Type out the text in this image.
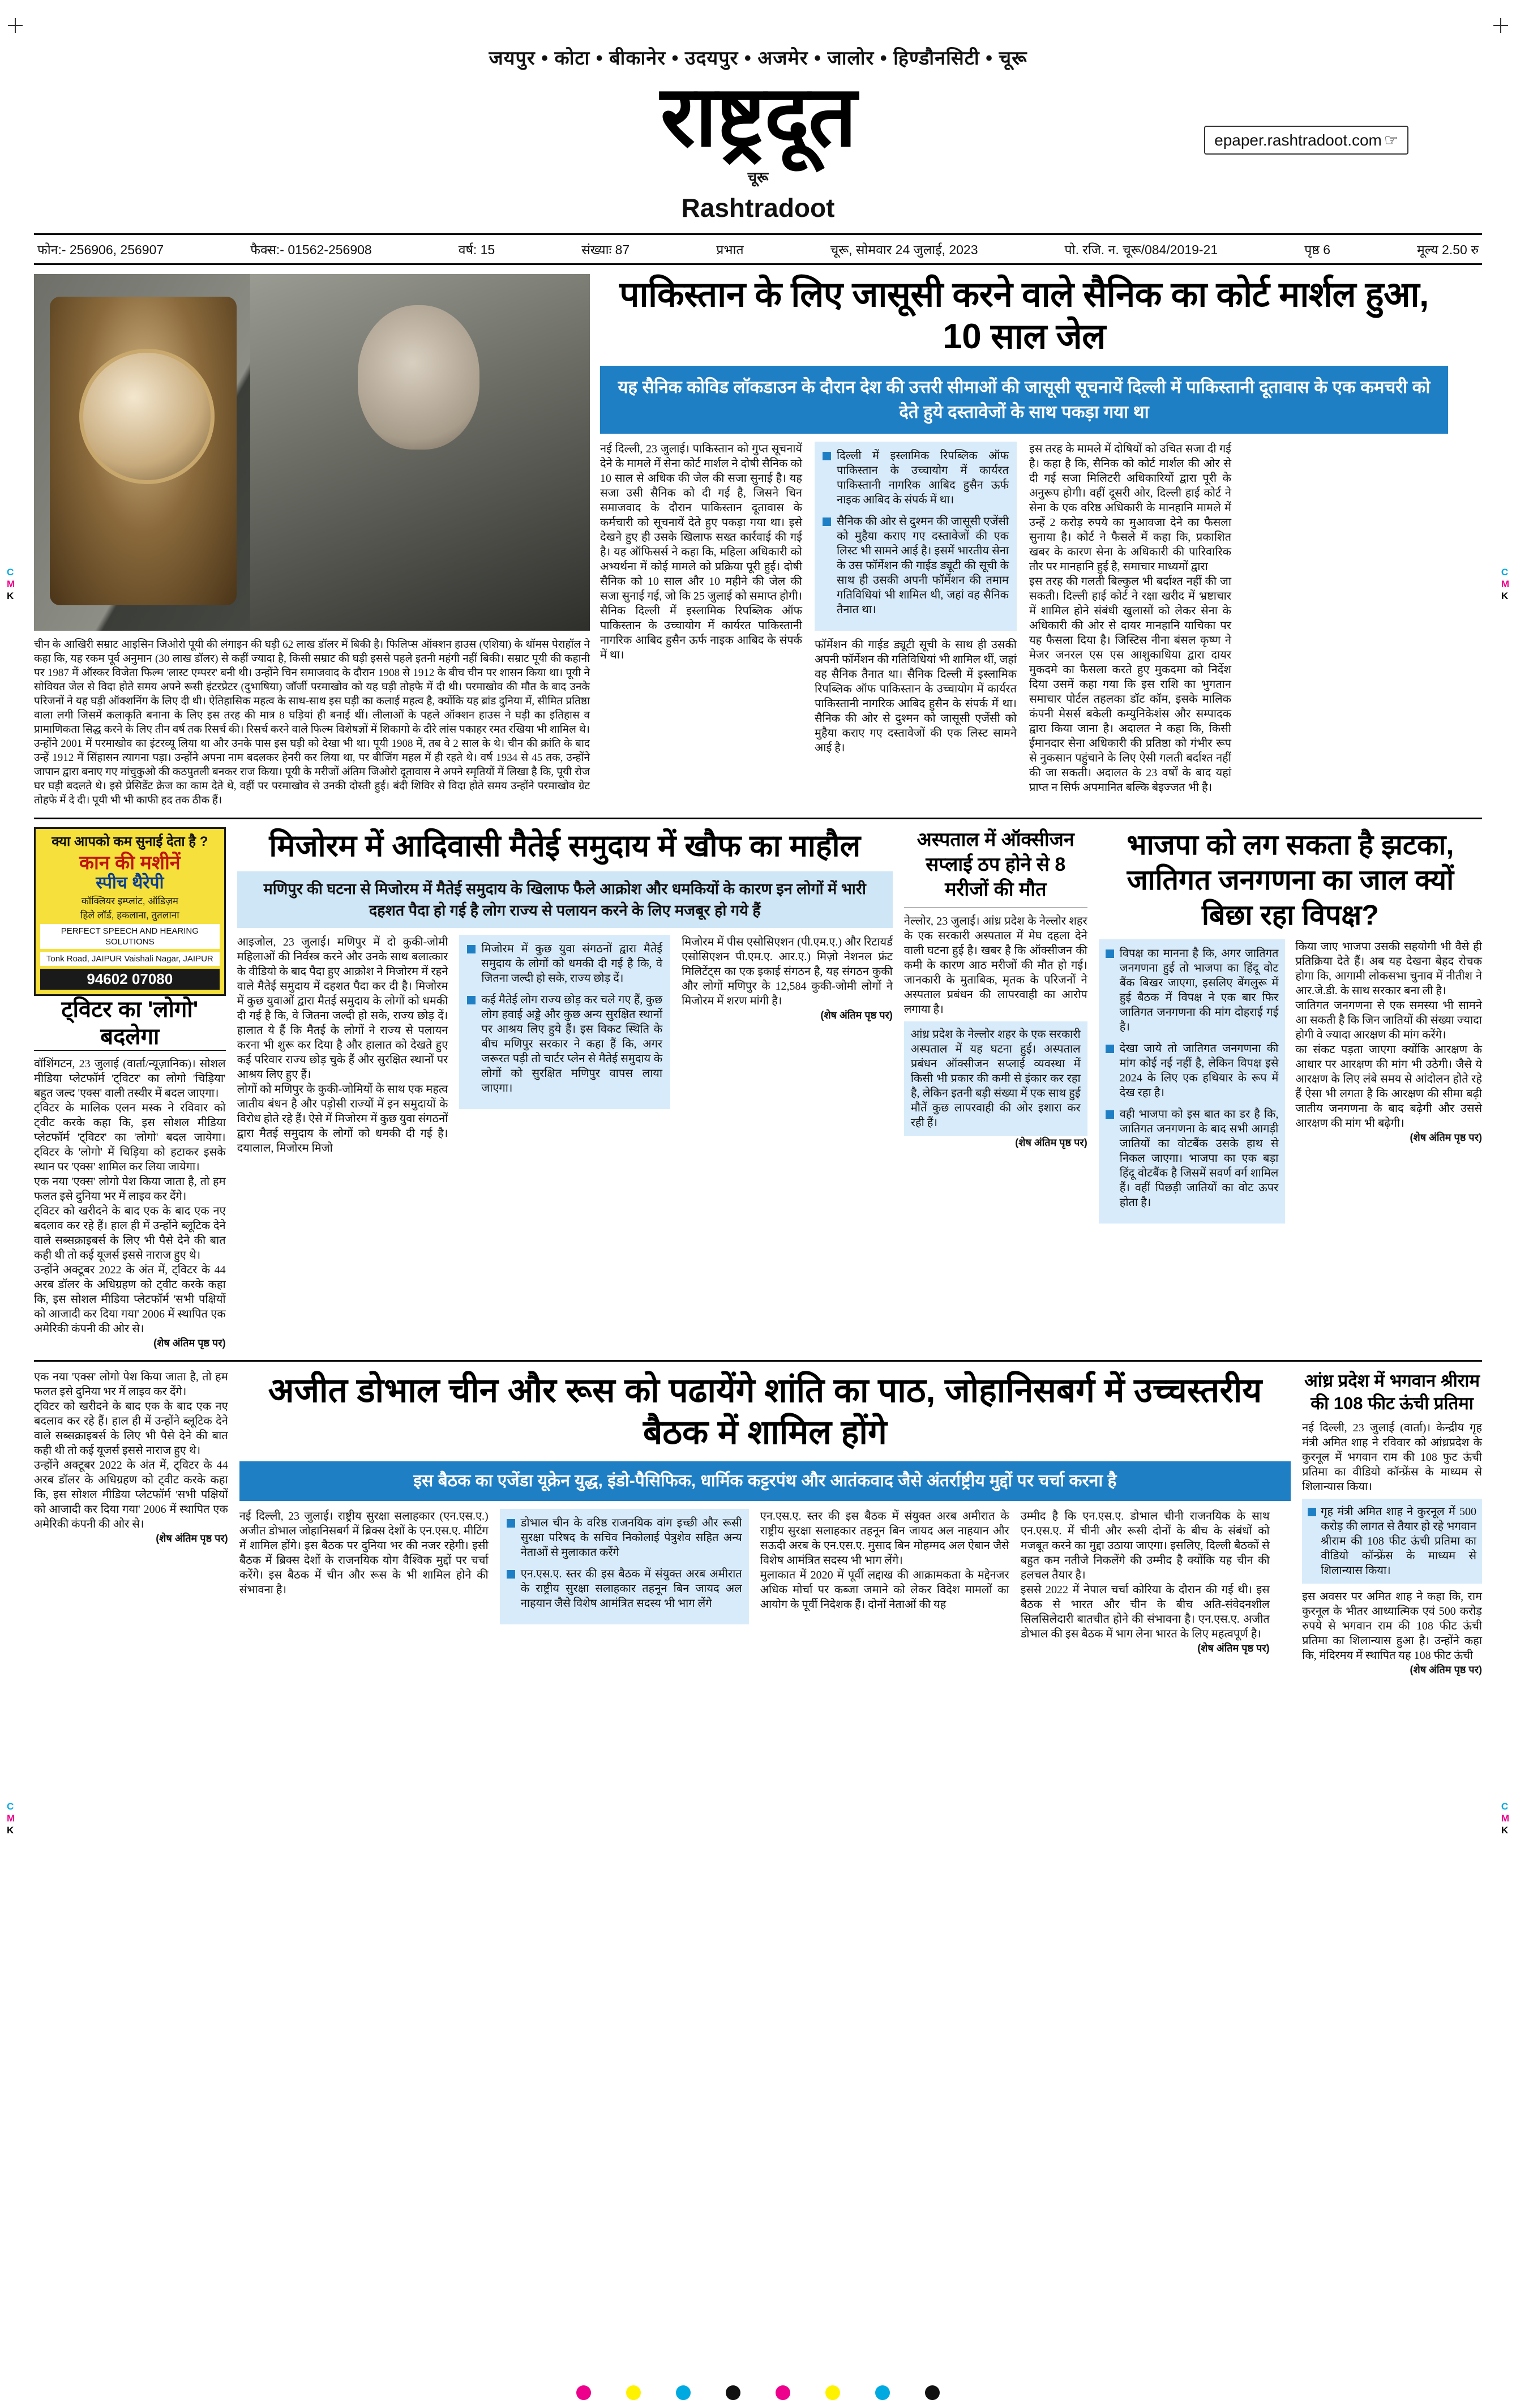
C
M
K
C
M
K
C
M
K
C
M
K
जयपुर • कोटा • बीकानेर • उदयपुर • अजमेर • जालोर • हिण्डौनसिटी • चूरू
राष्ट्रदूत	epaper.rashtradoot.com ☞
चूरू
Rashtradoot
फोन:- 256906, 256907	फैक्स:- 01562-256908	वर्ष: 15	संख्याः 87	प्रभात	चूरू, सोमवार 24 जुलाई, 2023	पो. रजि. न. चूरू/084/2019-21	पृष्ठ 6	मूल्य 2.50 रु
चीन के आखिरी सम्राट आइसिन जिओरो पूयी की लंगाइन की घड़ी 62 लाख डॉलर में बिकी है। फिलिप्स ऑक्शन हाउस (एशिया) के थॉमस पेराहॉल ने कहा कि, यह रकम पूर्व अनुमान (30 लाख डॉलर) से कहीं ज्यादा है, किसी सम्राट की घड़ी इससे पहले इतनी महंगी नहीं बिकी। सम्राट पूयी की कहानी पर 1987 में ऑस्कर विजेता फिल्म 'लास्ट एम्परर' बनी थी। उन्होंने चिन समाजवाद के दौरान 1908 से 1912 के बीच चीन पर शासन किया था। पूयी ने सोवियत जेल से विदा होते समय अपने रूसी इंटरप्रेटर (दुभाषिया) जॉर्जी परमाखोव को यह घड़ी तोहफे में दी थी। परमाखोव की मौत के बाद उनके परिजनों ने यह घड़ी ऑक्शनिंग के लिए दी थी। ऐतिहासिक महत्व के साथ-साथ इस घड़ी का कलाई महत्व है, क्योंकि यह ब्रांड दुनिया में, सीमित प्रतिष्ठा वाला लगी जिसमें कलाकृति बनाना के लिए इस तरह की मात्र 8 घड़ियां ही बनाई थीं। लीलाओं के पहले ऑक्शन हाउस ने घड़ी का इतिहास व प्रामाणिकता सिद्ध करने के लिए तीन वर्ष तक रिसर्च की। रिसर्च करने वाले फिल्म विशेषज्ञों में शिकागो के दौरे लांस पकाहर रमत रखिया भी शामिल थे। उन्होंने 2001 में परमाखोव का इंटरव्यू लिया था और उनके पास इस घड़ी को देखा भी था। पूयी 1908 में, तब वे 2 साल के थे। चीन की क्रांति के बाद उन्हें 1912 में सिंहासन त्यागना पड़ा। उन्होंने अपना नाम बदलकर हेनरी कर लिया था, पर बीजिंग महल में ही रहते थे। वर्ष 1934 से 45 तक, उन्होंने जापान द्वारा बनाए गए मांचुकुओ की कठपुतली बनकर राज किया। पूयी के मरीजों अंतिम जिओरो दूतावास ने अपने स्मृतियों में लिखा है कि, पूयी रोज घर घड़ी बदलते थे। इसे प्रेसिडेंट क्रेज का काम देते थे, वहीं पर परमाखोव से उनकी दोस्ती हुई। बंदी शिविर से विदा होते समय उन्होंने परमाखोव ग्रेट तोहफे में दे दी। पूयी भी भी काफी हद तक ठीक हैं।
पाकिस्तान के लिए जासूसी करने वाले सैनिक का कोर्ट मार्शल हुआ, 10 साल जेल
यह सैनिक कोविड लॉकडाउन के दौरान देश की उत्तरी सीमाओं की जासूसी सूचनायें दिल्ली में पाकिस्तानी दूतावास के एक कमचरी को देते हुये दस्तावेजों के साथ पकड़ा गया था
नई दिल्ली, 23 जुलाई। पाकिस्तान को गुप्त सूचनायें देने के मामले में सेना कोर्ट मार्शल ने दोषी सैनिक को 10 साल से अधिक की जेल की सजा सुनाई है। यह सजा उसी सैनिक को दी गई है, जिसने चिन समाजवाद के दौरान पाकिस्तान दूतावास के कर्मचारी को सूचनायें देते हुए पकड़ा गया था। इसे देखने हुए ही उसके खिलाफ सख्त कार्रवाई की गई है। यह ऑफिसर्स ने कहा कि, महिला अधिकारी को अभ्यर्थना में कोई मामले को प्रक्रिया पूरी हुई। दोषी सैनिक को 10 साल और 10 महीने की जेल की सजा सुनाई गई, जो कि 25 जुलाई को समाप्त होगी। सैनिक दिल्ली में इस्लामिक रिपब्लिक ऑफ पाकिस्तान के उच्चायोग में कार्यरत पाकिस्तानी नागरिक आबिद हुसैन ऊर्फ नाइक आबिद के संपर्क में था।

दिल्ली में इस्लामिक रिपब्लिक ऑफ पाकिस्तान के उच्चायोग में कार्यरत पाकिस्तानी नागरिक आबिद हुसैन ऊर्फ नाइक आबिद के संपर्क में था।

सैनिक की ओर से दुश्मन की जासूसी एजेंसी को मुहैया कराए गए दस्तावेजों की एक लिस्ट भी सामने आई है। इसमें भारतीय सेना के उस फॉर्मेशन की गाईड ड्यूटी की सूची के साथ ही उसकी अपनी फॉर्मेशन की तमाम गतिविधियां भी शामिल थी, जहां वह सैनिक तैनात था।

फॉर्मेशन की गाईड ड्यूटी सूची के साथ ही उसकी अपनी फॉर्मेशन की गतिविधियां भी शामिल थीं, जहां वह सैनिक तैनात था। सैनिक दिल्ली में इस्लामिक रिपब्लिक ऑफ पाकिस्तान के उच्चायोग में कार्यरत पाकिस्तानी नागरिक आबिद हुसैन के संपर्क में था। सैनिक की ओर से दुश्मन को जासूसी एजेंसी को मुहैया कराए गए दस्तावेजों की एक लिस्ट सामने आई है।
इस तरह के मामले में दोषियों को उचित सजा दी गई है। कहा है कि, सैनिक को कोर्ट मार्शल की ओर से दी गई सजा मिलिटरी अधिकारियों द्वारा पूरी के अनुरूप होगी। वहीं दूसरी ओर, दिल्ली हाई कोर्ट ने सेना के एक वरिष्ठ अधिकारी के मानहानि मामले में उन्हें 2 करोड़ रुपये का मुआवजा देने का फैसला सुनाया है। कोर्ट ने फैसले में कहा कि, प्रकाशित खबर के कारण सेना के अधिकारी की पारिवारिक तौर पर मानहानि हुई है, समाचार माध्यमों द्वारा
इस तरह की गलती बिल्कुल भी बर्दाश्त नहीं की जा सकती। दिल्ली हाई कोर्ट ने रक्षा खरीद में भ्रष्टाचार में शामिल होने संबंधी खुलासों को लेकर सेना के अधिकारी की ओर से दायर मानहानि याचिका पर यह फैसला दिया है। जिस्टिस नीना बंसल कृष्ण ने मेजर जनरल एस एस आशुकाधिया द्वारा दायर मुकदमे का फैसला करते हुए मुकदमा को निर्देश दिया उसमें कहा गया कि इस राशि का भुगतान समाचार पोर्टल तहलका डॉट कॉम, इसके मालिक कंपनी मेसर्स बकेली कम्युनिकेशंस और सम्पादक द्वारा किया जाना है। अदालत ने कहा कि, किसी ईमानदार सेना अधिकारी की प्रतिष्ठा को गंभीर रूप से नुकसान पहुंचाने के लिए ऐसी गलती बर्दाश्त नहीं की जा सकती। अदालत के 23 वर्षों के बाद यहां प्राप्त न सिर्फ अपमानित बल्कि बेइज्जत भी है।
क्या आपको कम सुनाई देता है ?
कान की मशीनें
स्पीच थैरेपी
कॉक्लियर इम्प्लांट, ऑडिज़म
हिले लॉर्ड, हकलाना, तुतलाना
PERFECT SPEECH AND HEARING SOLUTIONS
Tonk Road, JAIPUR Vaishali Nagar, JAIPUR
94602 07080
ट्विटर का 'लोगो' बदलेगा
वॉशिंगटन, 23 जुलाई (वार्ता/न्यूज़ानिक)। सोशल मीडिया प्लेटफॉर्म 'ट्विटर' का लोगो 'चिड़िया' बहुत जल्द 'एक्स' वाली तस्वीर में बदल जाएगा।
ट्विटर के मालिक एलन मस्क ने रविवार को ट्वीट करके कहा कि, इस सोशल मीडिया प्लेटफॉर्म 'ट्विटर' का 'लोगो' बदल जायेगा। ट्विटर के 'लोगो' में चिड़िया को हटाकर इसके स्थान पर 'एक्स' शामिल कर लिया जायेगा।
एक नया 'एक्स' लोगो पेश किया जाता है, तो हम फलत इसे दुनिया भर में लाइव कर देंगे।
ट्विटर को खरीदने के बाद एक के बाद एक नए बदलाव कर रहे हैं। हाल ही में उन्होंने ब्लूटिक देने वाले सब्सक्राइबर्स के लिए भी पैसे देने की बात कही थी तो कई यूजर्स इससे नाराज हुए थे।
उन्होंने अक्टूबर 2022 के अंत में, ट्विटर के 44 अरब डॉलर के अधिग्रहण को ट्वीट करके कहा कि, इस सोशल मीडिया प्लेटफॉर्म 'सभी पक्षियों को आजादी कर दिया गया' 2006 में स्थापित एक अमेरिकी कंपनी की ओर से।
(शेष अंतिम पृष्ठ पर)
मिजोरम में आदिवासी मैतेई समुदाय में खौफ का माहौल
मणिपुर की घटना से मिजोरम में मैतेई समुदाय के खिलाफ फैले आक्रोश और धमकियों के कारण इन लोगों में भारी दहशत पैदा हो गई है लोग राज्य से पलायन करने के लिए मजबूर हो गये हैं
आइजोल, 23 जुलाई। मणिपुर में दो कुकी-जोमी महिलाओं की निर्वस्त्र करने और उनके साथ बलात्कार के वीडियो के बाद पैदा हुए आक्रोश ने मिजोरम में रहने वाले मैतेई समुदाय में दहशत पैदा कर दी है। मिजोरम में कुछ युवाओं द्वारा मैतई समुदाय के लोगों को धमकी दी गई है कि, वे जितना जल्दी हो सके, राज्य छोड़ दें। हालात ये हैं कि मैतई के लोगों ने राज्य से पलायन करना भी शुरू कर दिया है और हालात को देखते हुए कई परिवार राज्य छोड़ चुके हैं और सुरक्षित स्थानों पर आश्रय लिए हुए हैं।
लोगों को मणिपुर के कुकी-जोमियों के साथ एक महत्व जातीय बंधन है और पड़ोसी राज्यों में इन समुदायों के विरोध होते रहे हैं। ऐसे में मिजोरम में कुछ युवा संगठनों द्वारा मैतई समुदाय के लोगों को धमकी दी गई है। दयालाल, मिजोरम मिजो

मिजोरम में कुछ युवा संगठनों द्वारा मैतेई समुदाय के लोगों को धमकी दी गई है कि, वे जितना जल्दी हो सके, राज्य छोड़ दें।

कई मैतेई लोग राज्य छोड़ कर चले गए हैं, कुछ लोग हवाई अड्डे और कुछ अन्य सुरक्षित स्थानों पर आश्रय लिए हुये हैं। इस विकट स्थिति के बीच मणिपुर सरकार ने कहा हैं कि, अगर जरूरत पड़ी तो चार्टर प्लेन से मैतेई समुदाय के लोगों को सुरक्षित मणिपुर वापस लाया जाएगा।

मिजोरम में पीस एसोसिएशन (पी.एम.ए.) और रिटायर्ड एसोसिएशन पी.एम.ए. आर.ए.) मिज़ो नेशनल फ्रंट मिलिटेंट्स का एक इकाई संगठन है, यह संगठन कुकी और लोगों मणिपुर के 12,584 कुकी-जोमी लोगों ने मिजोरम में शरण मांगी है।
(शेष अंतिम पृष्ठ पर)
अस्पताल में ऑक्सीजन सप्लाई ठप होने से 8 मरीजों की मौत
नेल्लोर, 23 जुलाई। आंध्र प्रदेश के नेल्लोर शहर के एक सरकारी अस्पताल में मेघ दहला देने वाली घटना हुई है। खबर है कि ऑक्सीजन की कमी के कारण आठ मरीजों की मौत हो गई। जानकारी के मुताबिक, मृतक के परिजनों ने अस्पताल प्रबंधन की लापरवाही का आरोप लगाया है।
आंध्र प्रदेश के नेल्लोर शहर के एक सरकारी अस्पताल में यह घटना हुई। अस्पताल प्रबंधन ऑक्सीजन सप्लाई व्यवस्था में किसी भी प्रकार की कमी से इंकार कर रहा है, लेकिन इतनी बड़ी संख्या में एक साथ हुई मौतें कुछ लापरवाही की ओर इशारा कर रही हैं।
(शेष अंतिम पृष्ठ पर)
भाजपा को लग सकता है झटका, जातिगत जनगणना का जाल क्यों बिछा रहा विपक्ष?

विपक्ष का मानना है कि, अगर जातिगत जनगणना हुई तो भाजपा का हिंदू वोट बैंक बिखर जाएगा, इसलिए बेंगलुरू में हुई बैठक में विपक्ष ने एक बार फिर जातिगत जनगणना की मांग दोहराई गई है।

देखा जाये तो जातिगत जनगणना की मांग कोई नई नहीं है, लेकिन विपक्ष इसे 2024 के लिए एक हथियार के रूप में देख रहा है।

वही भाजपा को इस बात का डर है कि, जातिगत जनगणना के बाद सभी आगड़ी जातियों का वोटबैंक उसके हाथ से निकल जाएगा। भाजपा का एक बड़ा हिंदू वोटबैंक है जिसमें सवर्ण वर्ग शामिल हैं। वहीं पिछड़ी जातियों का वोट ऊपर होता है।

किया जाए भाजपा उसकी सहयोगी भी वैसे ही प्रतिक्रिया देते हैं। अब यह देखना बेहद रोचक होगा कि, आगामी लोकसभा चुनाव में नीतीश ने आर.जे.डी. के साथ सरकार बना ली है।
जातिगत जनगणना से एक समस्या भी सामने आ सकती है कि जिन जातियों की संख्या ज्यादा होगी वे ज्यादा आरक्षण की मांग करेंगे।
का संकट पड़ता जाएगा क्योंकि आरक्षण के आधार पर आरक्षण की मांग भी उठेगी। जैसे ये आरक्षण के लिए लंबे समय से आंदोलन होते रहे हैं ऐसा भी लगता है कि आरक्षण की सीमा बढ़ी जातीय जनगणना के बाद बढ़ेगी और उससे आरक्षण की मांग भी बढ़ेगी।
(शेष अंतिम पृष्ठ पर)
एक नया 'एक्स' लोगो पेश किया जाता है, तो हम फलत इसे दुनिया भर में लाइव कर देंगे।
ट्विटर को खरीदने के बाद एक के बाद एक नए बदलाव कर रहे हैं। हाल ही में उन्होंने ब्लूटिक देने वाले सब्सक्राइबर्स के लिए भी पैसे देने की बात कही थी तो कई यूजर्स इससे नाराज हुए थे।
उन्होंने अक्टूबर 2022 के अंत में, ट्विटर के 44 अरब डॉलर के अधिग्रहण को ट्वीट करके कहा कि, इस सोशल मीडिया प्लेटफॉर्म 'सभी पक्षियों को आजादी कर दिया गया' 2006 में स्थापित एक अमेरिकी कंपनी की ओर से।
(शेष अंतिम पृष्ठ पर)
अजीत डोभाल चीन और रूस को पढायेंगे शांति का पाठ, जोहानिसबर्ग में उच्चस्तरीय बैठक में शामिल होंगे
इस बैठक का एजेंडा यूक्रेन युद्ध, इंडो-पैसिफिक, धार्मिक कट्टरपंथ और आतंकवाद जैसे अंतर्राष्ट्रीय मुद्दों पर चर्चा करना है
नई दिल्ली, 23 जुलाई। राष्ट्रीय सुरक्षा सलाहकार (एन.एस.ए.) अजीत डोभाल जोहानिसबर्ग में ब्रिक्स देशों के एन.एस.ए. मीटिंग में शामिल होंगे। इस बैठक पर दुनिया भर की नजर रहेगी। इसी बैठक में ब्रिक्स देशों के राजनयिक योग वैश्विक मुद्दों पर चर्चा करेंगे। इस बैठक में चीन और रूस के भी शामिल होने की संभावना है।

डोभाल चीन के वरिष्ठ राजनयिक वांग इच्छी और रूसी सुरक्षा परिषद के सचिव निकोलाई पेत्रुशेव सहित अन्य नेताओं से मुलाकात करेंगे

एन.एस.ए. स्तर की इस बैठक में संयुक्त अरब अमीरात के राष्ट्रीय सुरक्षा सलाहकार तहनून बिन जायद अल नाहयान जैसे विशेष आमंत्रित सदस्य भी भाग लेंगे

एन.एस.ए. स्तर की इस बैठक में संयुक्त अरब अमीरात के राष्ट्रीय सुरक्षा सलाहकार तहनून बिन जायद अल नाहयान और सऊदी अरब के एन.एस.ए. मुसाद बिन मोहम्मद अल ऐबान जैसे विशेष आमंत्रित सदस्य भी भाग लेंगे।
मुलाकात में 2020 में पूर्वी लद्दाख की आक्रामकता के मद्देनजर अधिक मोर्चा पर कब्जा जमाने को लेकर विदेश मामलों का आयोग के पूर्वी निदेशक हैं। दोनों नेताओं की यह
उम्मीद है कि एन.एस.ए. डोभाल चीनी राजनयिक के साथ एन.एस.ए. में चीनी और रूसी दोनों के बीच के संबंधों को मजबूत करने का मुद्दा उठाया जाएगा। इसलिए, दिल्ली बैठकों से बहुत कम नतीजे निकलेंगे की उम्मीद है क्योंकि यह चीन की हलचल तैयार है।
इससे 2022 में नेपाल चर्चा कोरिया के दौरान की गई थी। इस बैठक से भारत और चीन के बीच अति-संवेदनशील सिलसिलेदारी बातचीत होने की संभावना है। एन.एस.ए. अजीत डोभाल की इस बैठक में भाग लेना भारत के लिए महत्वपूर्ण है।
(शेष अंतिम पृष्ठ पर)
आंध्र प्रदेश में भगवान श्रीराम की 108 फीट ऊंची प्रतिमा
नई दिल्ली, 23 जुलाई (वार्ता)। केन्द्रीय गृह मंत्री अमित शाह ने रविवार को आंध्रप्रदेश के कुरनूल में भगवान राम की 108 फुट ऊंची प्रतिमा का वीडियो कॉन्फ्रेंस के माध्यम से शिलान्यास किया।

गृह मंत्री अमित शाह ने कुरनूल में 500 करोड़ की लागत से तैयार हो रहे भगवान श्रीराम की 108 फीट ऊंची प्रतिमा का वीडियो कॉन्फ्रेंस के माध्यम से शिलान्यास किया।

इस अवसर पर अमित शाह ने कहा कि, राम कुरनूल के भीतर आध्यात्मिक एवं 500 करोड़ रुपये से भगवान राम की 108 फीट ऊंची प्रतिमा का शिलान्यास हुआ है। उन्होंने कहा कि, मंदिरमय में स्थापित यह 108 फीट ऊंची
(शेष अंतिम पृष्ठ पर)
